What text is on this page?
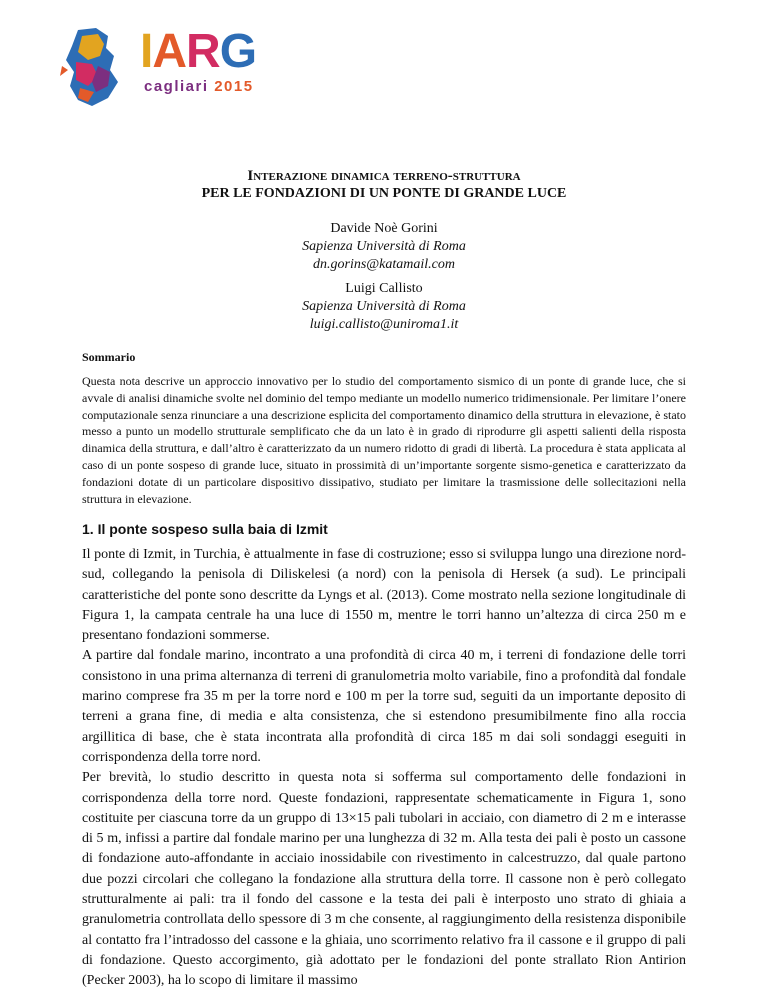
IARG
cagliari 2015
Interazione dinamica terreno-struttura
PER LE FONDAZIONI DI UN PONTE DI GRANDE LUCE
Davide Noè Gorini
Sapienza Università di Roma
dn.gorins@katamail.com
Luigi Callisto
Sapienza Università di Roma
luigi.callisto@uniroma1.it
Sommario

Questa nota descrive un approccio innovativo per lo studio del comportamento sismico di un ponte di grande luce, che si avvale di analisi dinamiche svolte nel dominio del tempo mediante un modello numerico tridimensionale. Per limitare l’onere computazionale senza rinunciare a una descrizione esplicita del comportamento dinamico della struttura in elevazione, è stato messo a punto un modello strutturale semplificato che da un lato è in grado di riprodurre gli aspetti salienti della risposta dinamica della struttura, e dall’altro è caratterizzato da un numero ridotto di gradi di libertà. La procedura è stata applicata al caso di un ponte sospeso di grande luce, situato in prossimità di un’importante sorgente sismo-genetica e caratterizzato da fondazioni dotate di un particolare dispositivo dissipativo, studiato per limitare la trasmissione delle sollecitazioni nella struttura in elevazione.

1. Il ponte sospeso sulla baia di Izmit

Il ponte di Izmit, in Turchia, è attualmente in fase di costruzione; esso si sviluppa lungo una direzione nord-sud, collegando la penisola di Diliskelesi (a nord) con la penisola di Hersek (a sud). Le principali caratteristiche del ponte sono descritte da Lyngs et al. (2013). Come mostrato nella sezione longitudinale di Figura 1, la campata centrale ha una luce di 1550 m, mentre le torri hanno un’altezza di circa 250 m e presentano fondazioni sommerse.

A partire dal fondale marino, incontrato a una profondità di circa 40 m, i terreni di fondazione delle torri consistono in una prima alternanza di terreni di granulometria molto variabile, fino a profondità dal fondale marino comprese fra 35 m per la torre nord e 100 m per la torre sud, seguiti da un importante deposito di terreni a grana fine, di media e alta consistenza, che si estendono presumibilmente fino alla roccia argillitica di base, che è stata incontrata alla profondità di circa 185 m dai soli sondaggi eseguiti in corrispondenza della torre nord.

Per brevità, lo studio descritto in questa nota si sofferma sul comportamento delle fondazioni in corrispondenza della torre nord. Queste fondazioni, rappresentate schematicamente in Figura 1, sono costituite per ciascuna torre da un gruppo di 13×15 pali tubolari in acciaio, con diametro di 2 m e interasse di 5 m, infissi a partire dal fondale marino per una lunghezza di 32 m. Alla testa dei pali è posto un cassone di fondazione auto-affondante in acciaio inossidabile con rivestimento in calcestruzzo, dal quale partono due pozzi circolari che collegano la fondazione alla struttura della torre. Il cassone non è però collegato strutturalmente ai pali: tra il fondo del cassone e la testa dei pali è interposto uno strato di ghiaia a granulometria controllata dello spessore di 3 m che consente, al raggiungimento della resistenza disponibile al contatto fra l’intradosso del cassone e la ghiaia, uno scorrimento relativo fra il cassone e il gruppo di pali di fondazione. Questo accorgimento, già adottato per le fondazioni del ponte strallato Rion Antirion (Pecker 2003), ha lo scopo di limitare il massimo
